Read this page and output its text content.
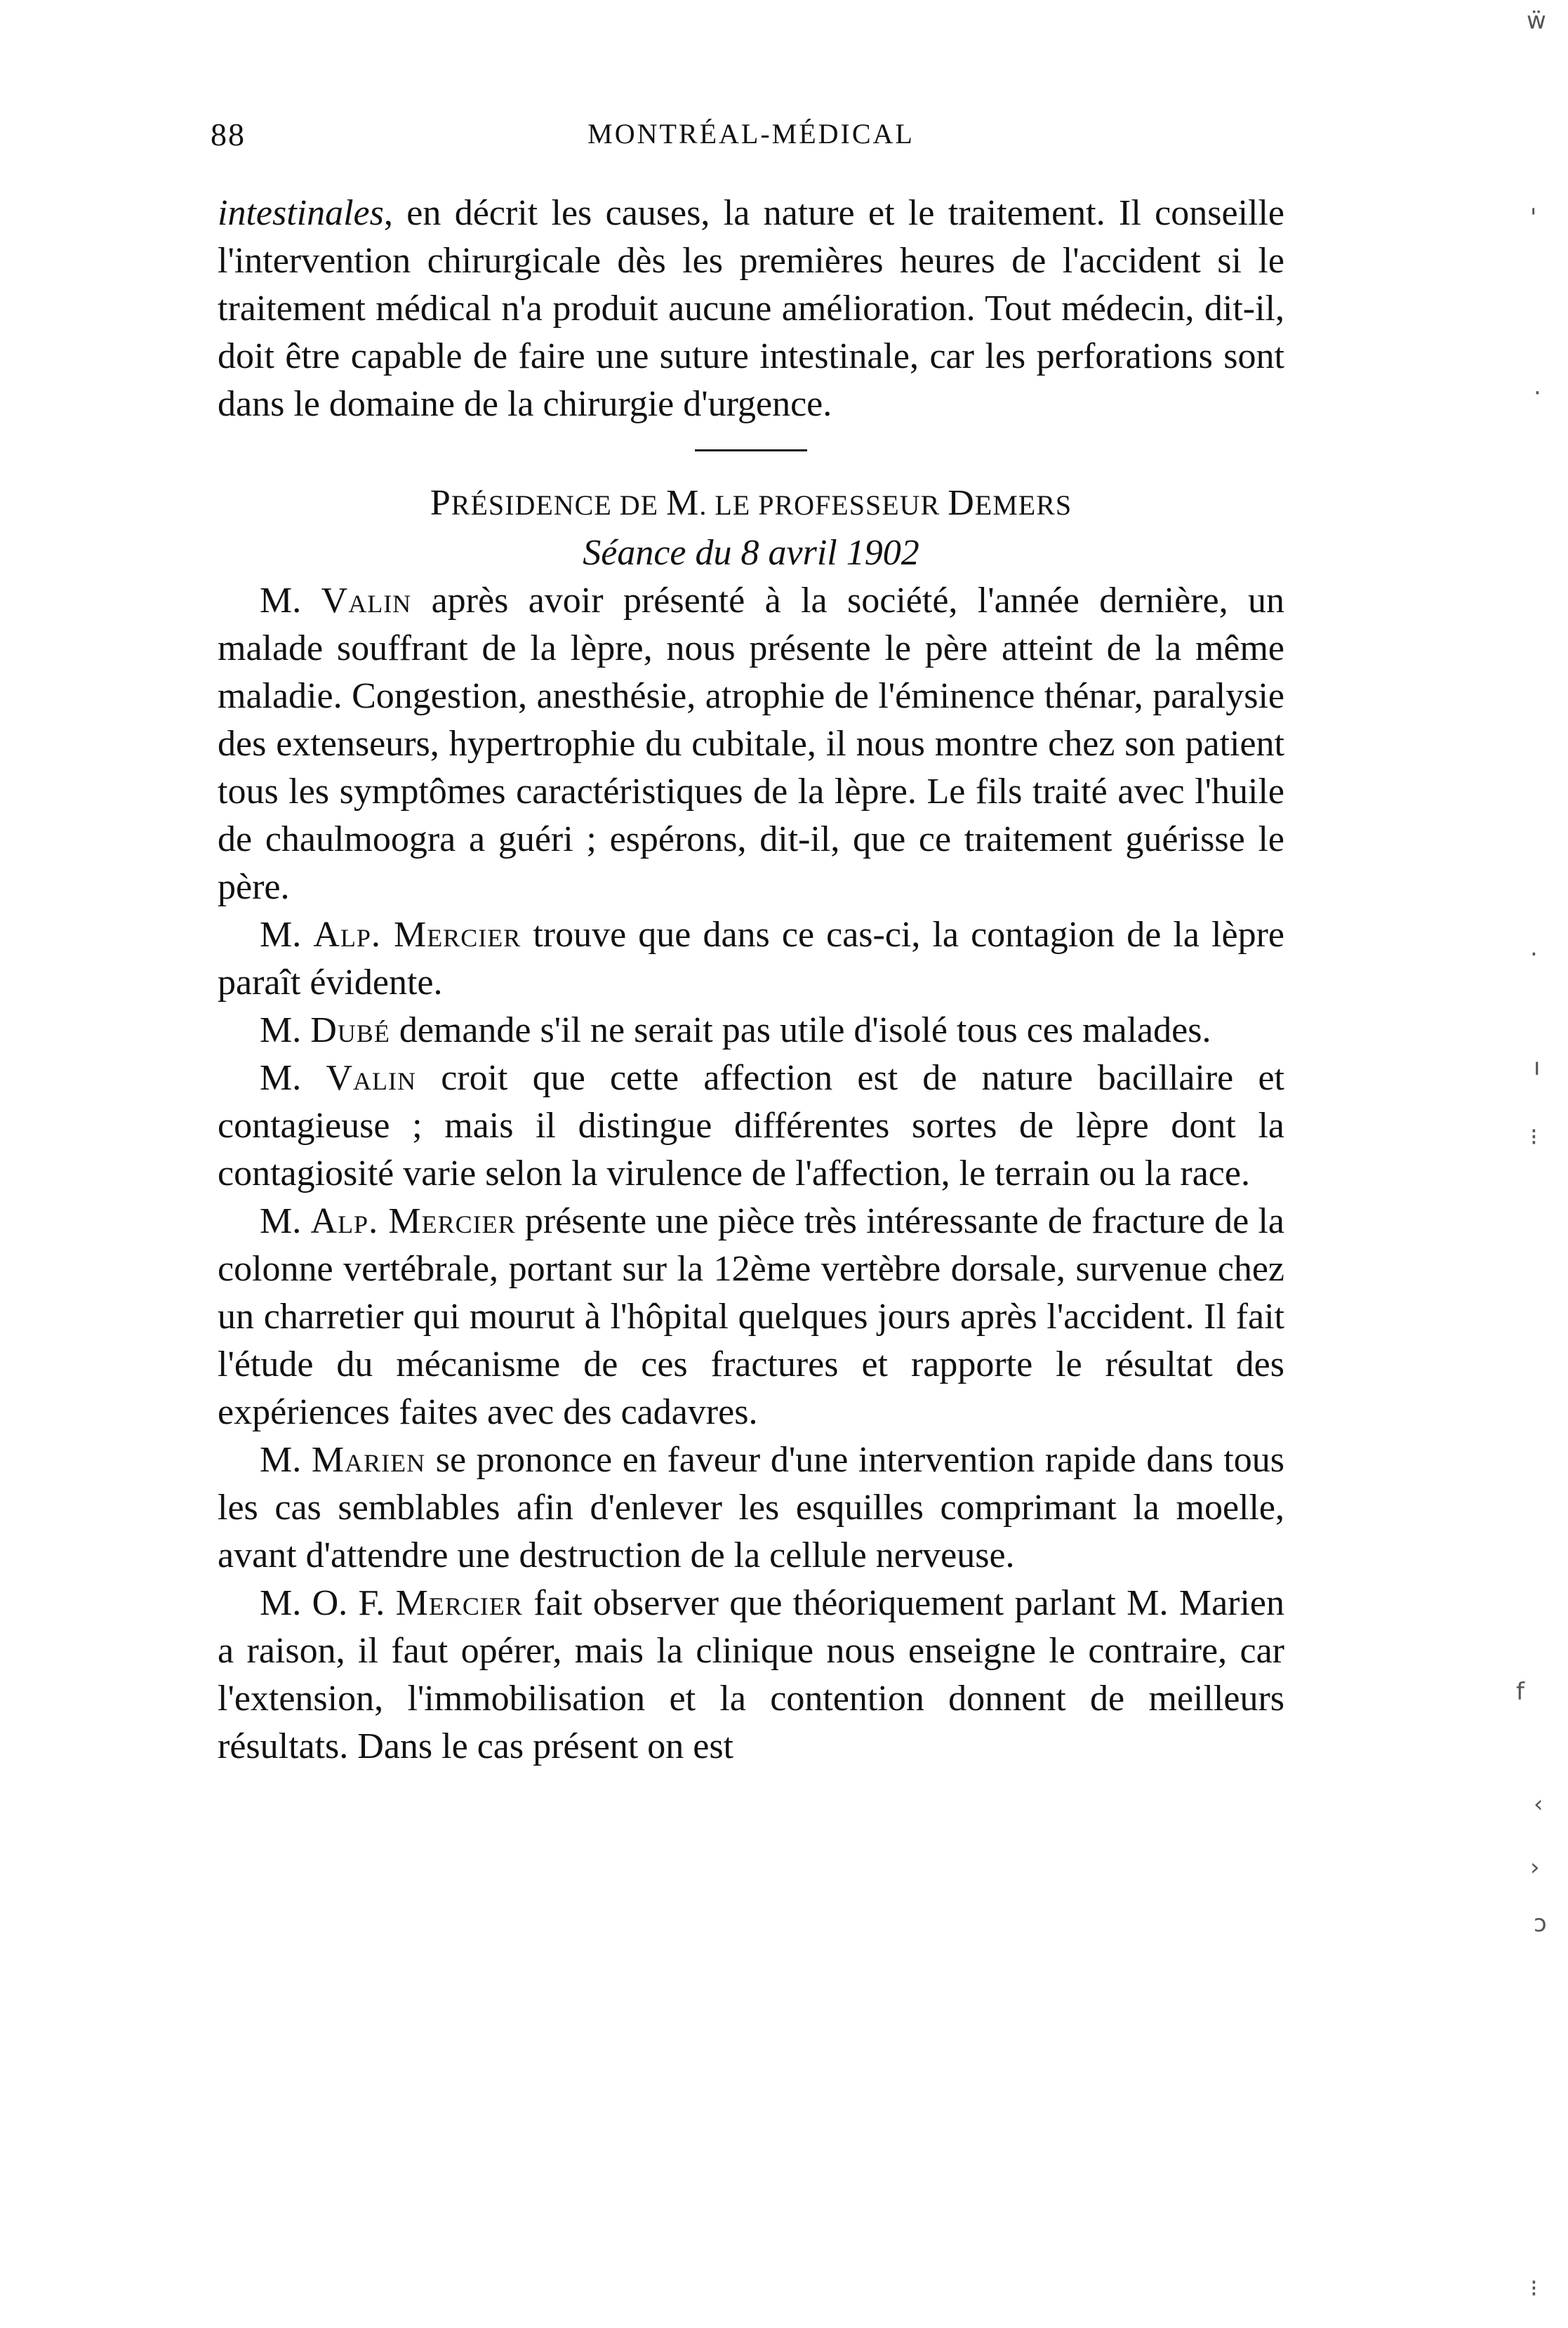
88	MONTRÉAL-MÉDICAL

intestinales, en décrit les causes, la nature et le traitement. Il conseille l'intervention chirurgicale dès les premières heures de l'accident si le traitement médical n'a produit aucune amélioration. Tout médecin, dit-il, doit être capable de faire une suture intestinale, car les perforations sont dans le domaine de la chirurgie d'urgence.

PRÉSIDENCE DE M. LE PROFESSEUR DEMERS

Séance du 8 avril 1902

M. Valin après avoir présenté à la société, l'année dernière, un malade souffrant de la lèpre, nous présente le père atteint de la même maladie. Congestion, anesthésie, atrophie de l'éminence thénar, paralysie des extenseurs, hypertrophie du cubitale, il nous montre chez son patient tous les symptômes caractéristiques de la lèpre. Le fils traité avec l'huile de chaulmoogra a guéri ; espérons, dit-il, que ce traitement guérisse le père.

M. Alp. Mercier trouve que dans ce cas-ci, la contagion de la lèpre paraît évidente.

M. Dubé demande s'il ne serait pas utile d'isolé tous ces malades.

M. Valin croit que cette affection est de nature bacillaire et contagieuse ; mais il distingue différentes sortes de lèpre dont la contagiosité varie selon la virulence de l'affection, le terrain ou la race.

M. Alp. Mercier présente une pièce très intéressante de fracture de la colonne vertébrale, portant sur la 12ème vertèbre dorsale, survenue chez un charretier qui mourut à l'hôpital quelques jours après l'accident. Il fait l'étude du mécanisme de ces fractures et rapporte le résultat des expériences faites avec des cadavres.

M. Marien se prononce en faveur d'une intervention rapide dans tous les cas semblables afin d'enlever les esquilles comprimant la moelle, avant d'attendre une destruction de la cellule nerveuse.

M. O. F. Mercier fait observer que théoriquement parlant M. Marien a raison, il faut opérer, mais la clinique nous enseigne le contraire, car l'extension, l'immobilisation et la contention donnent de meilleurs résultats. Dans le cas présent on est

ẅ
'
·
.
ı
⁝
f
‹
›
ↄ
⁝
